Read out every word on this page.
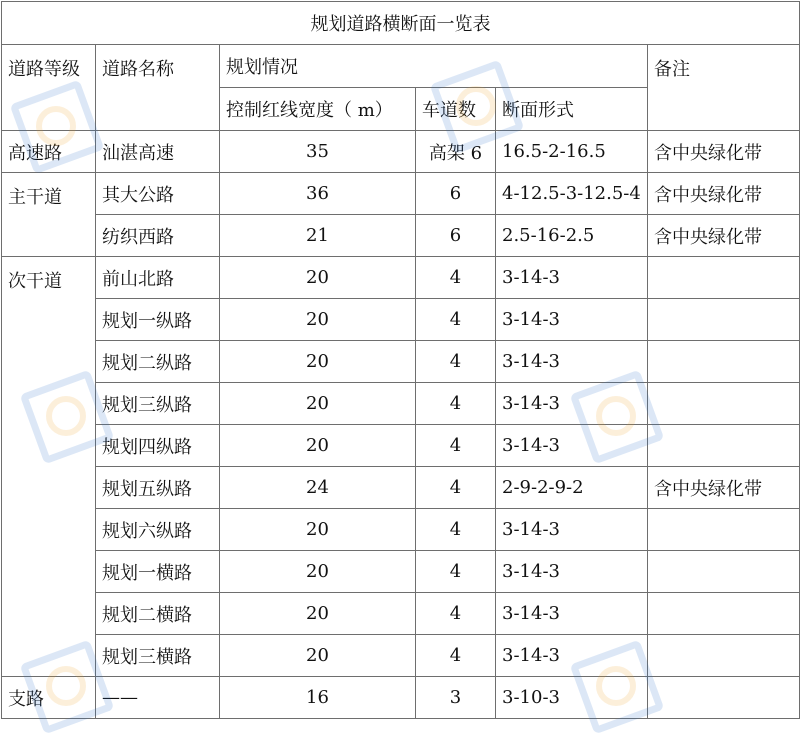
规划道路横断面一览表					
道路等级	道路名称	规划情况			备注
		控制红线宽度（ m）	车道数	断面形式	
高速路	汕湛高速	35	高架 6	16.5-2-16.5	含中央绿化带
主干道	其大公路	36	6	4-12.5-3-12.5-4	含中央绿化带
	纺织西路	21	6	2.5-16-2.5	含中央绿化带
次干道	前山北路	20	4	3-14-3	
	规划一纵路	20	4	3-14-3	
	规划二纵路	20	4	3-14-3	
	规划三纵路	20	4	3-14-3	
	规划四纵路	20	4	3-14-3	
	规划五纵路	24	4	2-9-2-9-2	含中央绿化带
	规划六纵路	20	4	3-14-3	
	规划一横路	20	4	3-14-3	
	规划二横路	20	4	3-14-3	
	规划三横路	20	4	3-14-3	
支路	——	16	3	3-10-3	
